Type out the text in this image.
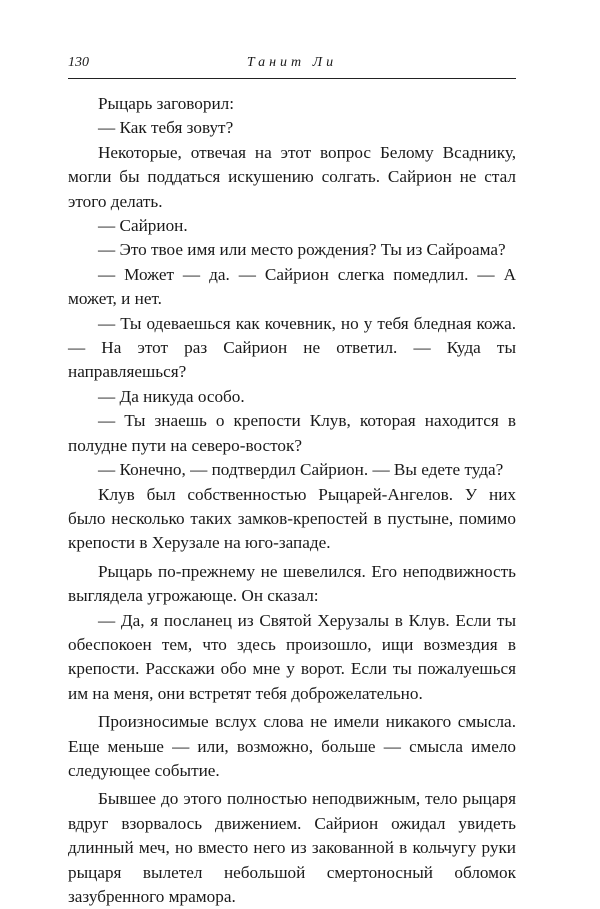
130	Танит Ли

Рыцарь заговорил:

— Как тебя зовут?

Некоторые, отвечая на этот вопрос Белому Всаднику, могли бы поддаться искушению солгать. Сайрион не стал этого делать.

— Сайрион.

— Это твое имя или место рождения? Ты из Сайроама?

— Может — да. — Сайрион слегка помедлил. — А может, и нет.

— Ты одеваешься как кочевник, но у тебя бледная кожа. — На этот раз Сайрион не ответил. — Куда ты направляешься?

— Да никуда особо.

— Ты знаешь о крепости Клув, которая находится в полудне пути на северо-восток?

— Конечно, — подтвердил Сайрион. — Вы едете туда?

Клув был собственностью Рыцарей-Ангелов. У них было несколько таких замков-крепостей в пустыне, помимо крепости в Херузале на юго-западе.

Рыцарь по-прежнему не шевелился. Его неподвижность выглядела угрожающе. Он сказал:

— Да, я посланец из Святой Херузалы в Клув. Если ты обеспокоен тем, что здесь произошло, ищи возмездия в крепости. Расскажи обо мне у ворот. Если ты пожалуешься им на меня, они встретят тебя доброжелательно.

Произносимые вслух слова не имели никакого смысла. Еще меньше — или, возможно, больше — смысла имело следующее событие.

Бывшее до этого полностью неподвижным, тело рыцаря вдруг взорвалось движением. Сайрион ожидал увидеть длинный меч, но вместо него из закованной в кольчугу руки рыцаря вылетел небольшой смертоносный обломок зазубренного мрамора.
